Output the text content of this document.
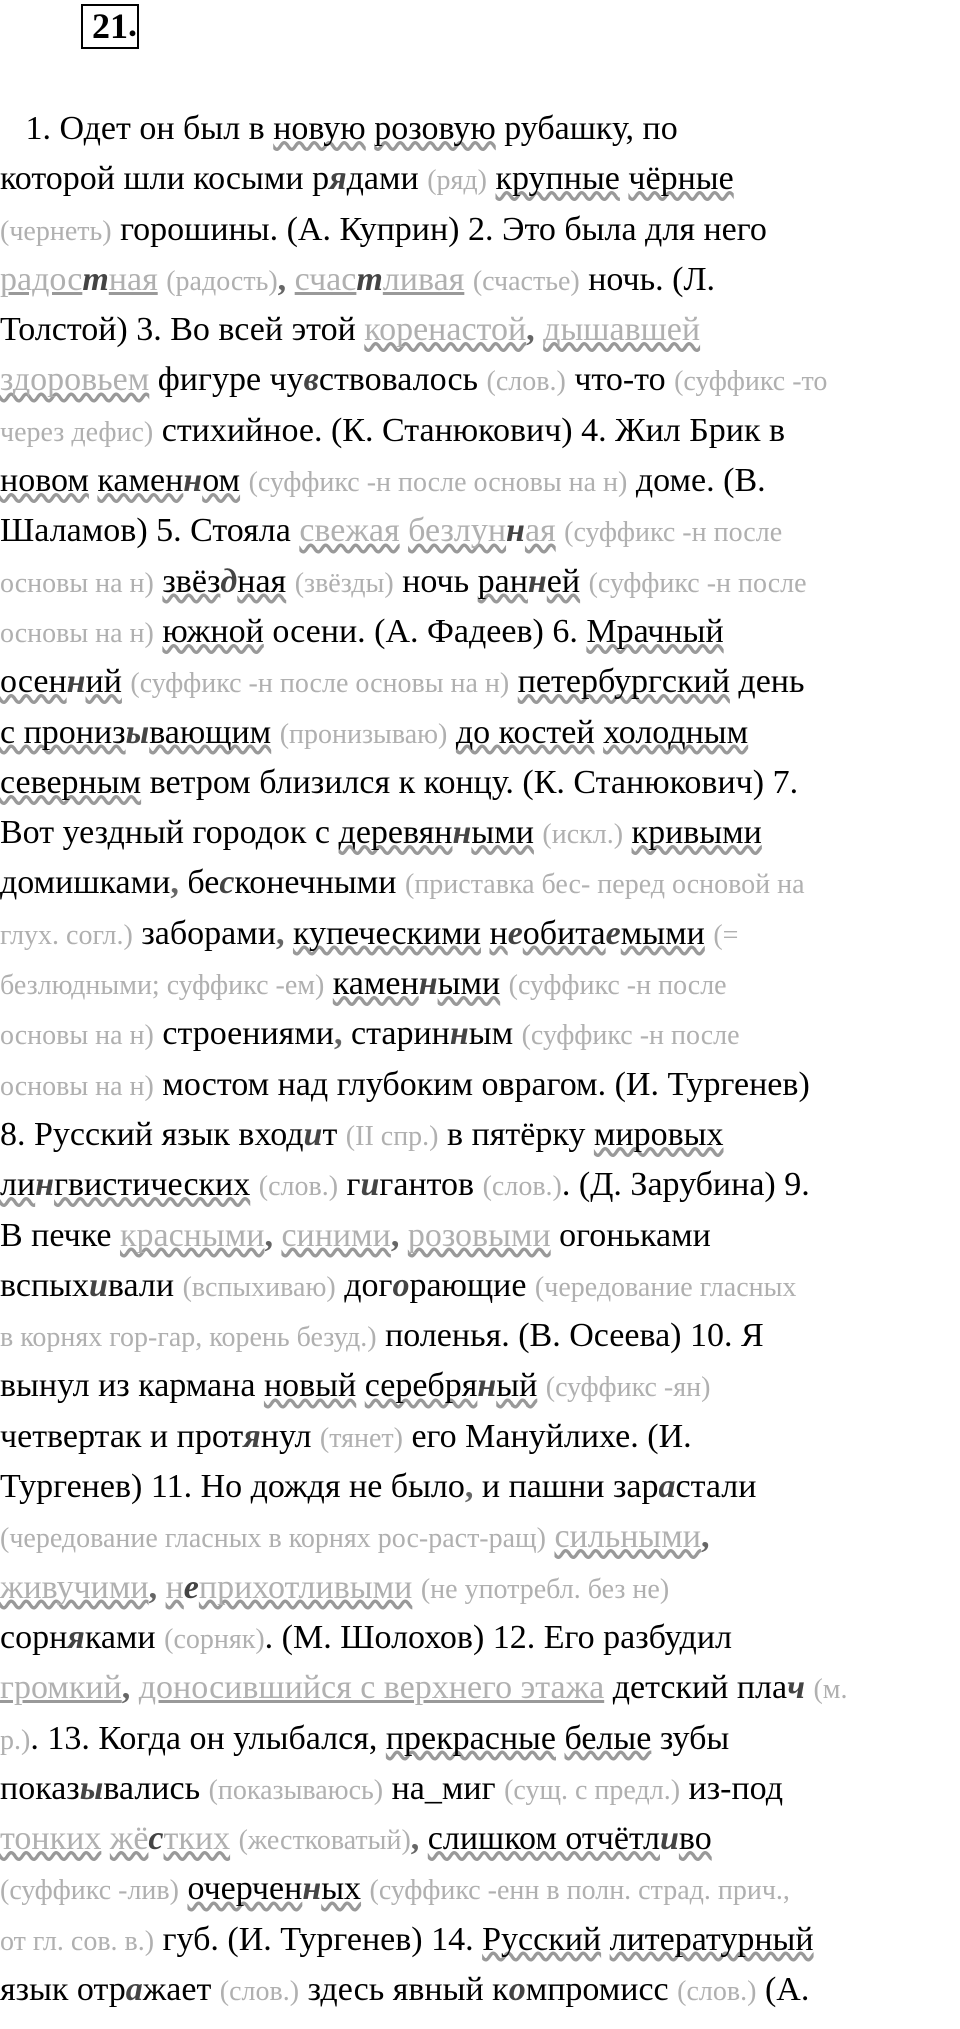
21 .
1. Одет он был в новую розовую рубашку, по
которой шли косыми рядами (ряд) крупные чёрные
(чернеть) горошины. (А. Куприн) 2. Это была для него
радостная (радость), счастливая (счастье) ночь. (Л.
Толстой) 3. Во всей этой коренастой, дышавшей
здоровьем фигуре чувствовалось (слов.) что-то (суффикс -то
через дефис) стихийное. (К. Станюкович) 4. Жил Брик в
новом каменном (суффикс -н после основы на н) доме. (В.
Шаламов) 5. Стояла свежая безлунная (суффикс -н после
основы на н) звёздная (звёзды) ночь ранней (суффикс -н после
основы на н) южной осени. (А. Фадеев) 6. Мрачный
осенний (суффикс -н после основы на н) петербургский день
с пронизывающим (пронизываю) до костей холодным
северным ветром близился к концу. (К. Станюкович) 7.
Вот уездный городок с деревянными (искл.) кривыми
домишками, бесконечными (приставка бес- перед основой на
глух. согл.) заборами, купеческими необитаемыми (=
безлюдными; суффикс -ем) каменными (суффикс -н после
основы на н) строениями, старинным (суффикс -н после
основы на н) мостом над глубоким оврагом. (И. Тургенев)
8. Русский язык входит (II спр.) в пятёрку мировых
лингвистических (слов.) гигантов (слов.). (Д. Зарубина) 9.
В печке красными, синими, розовыми огоньками
вспыхивали (вспыхиваю) догорающие (чередование гласных
в корнях гор-гар, корень безуд.) поленья. (В. Осеева) 10. Я
вынул из кармана новый серебряный (суффикс -ян)
четвертак и протянул (тянет) его Мануйлихе. (И.
Тургенев) 11. Но дождя не было, и пашни зарастали
(чередование гласных в корнях рос-раст-ращ) сильными,
живучими, неприхотливыми (не употребл. без не)
сорняками (сорняк). (М. Шолохов) 12. Его разбудил
громкий, доносившийся с верхнего этажа детский плач (м.
р.). 13. Когда он улыбался, прекрасные белые зубы
показывались (показываюсь) на_миг (сущ. с предл.) из-под
тонких жёстких (жестковатый), слишком отчётливо
(суффикс -лив) очерченных (суффикс -енн в полн. страд. прич.,
от гл. сов. в.) губ. (И. Тургенев) 14. Русский литературный
язык отражает (слов.) здесь явный компромисс (слов.) (А.
